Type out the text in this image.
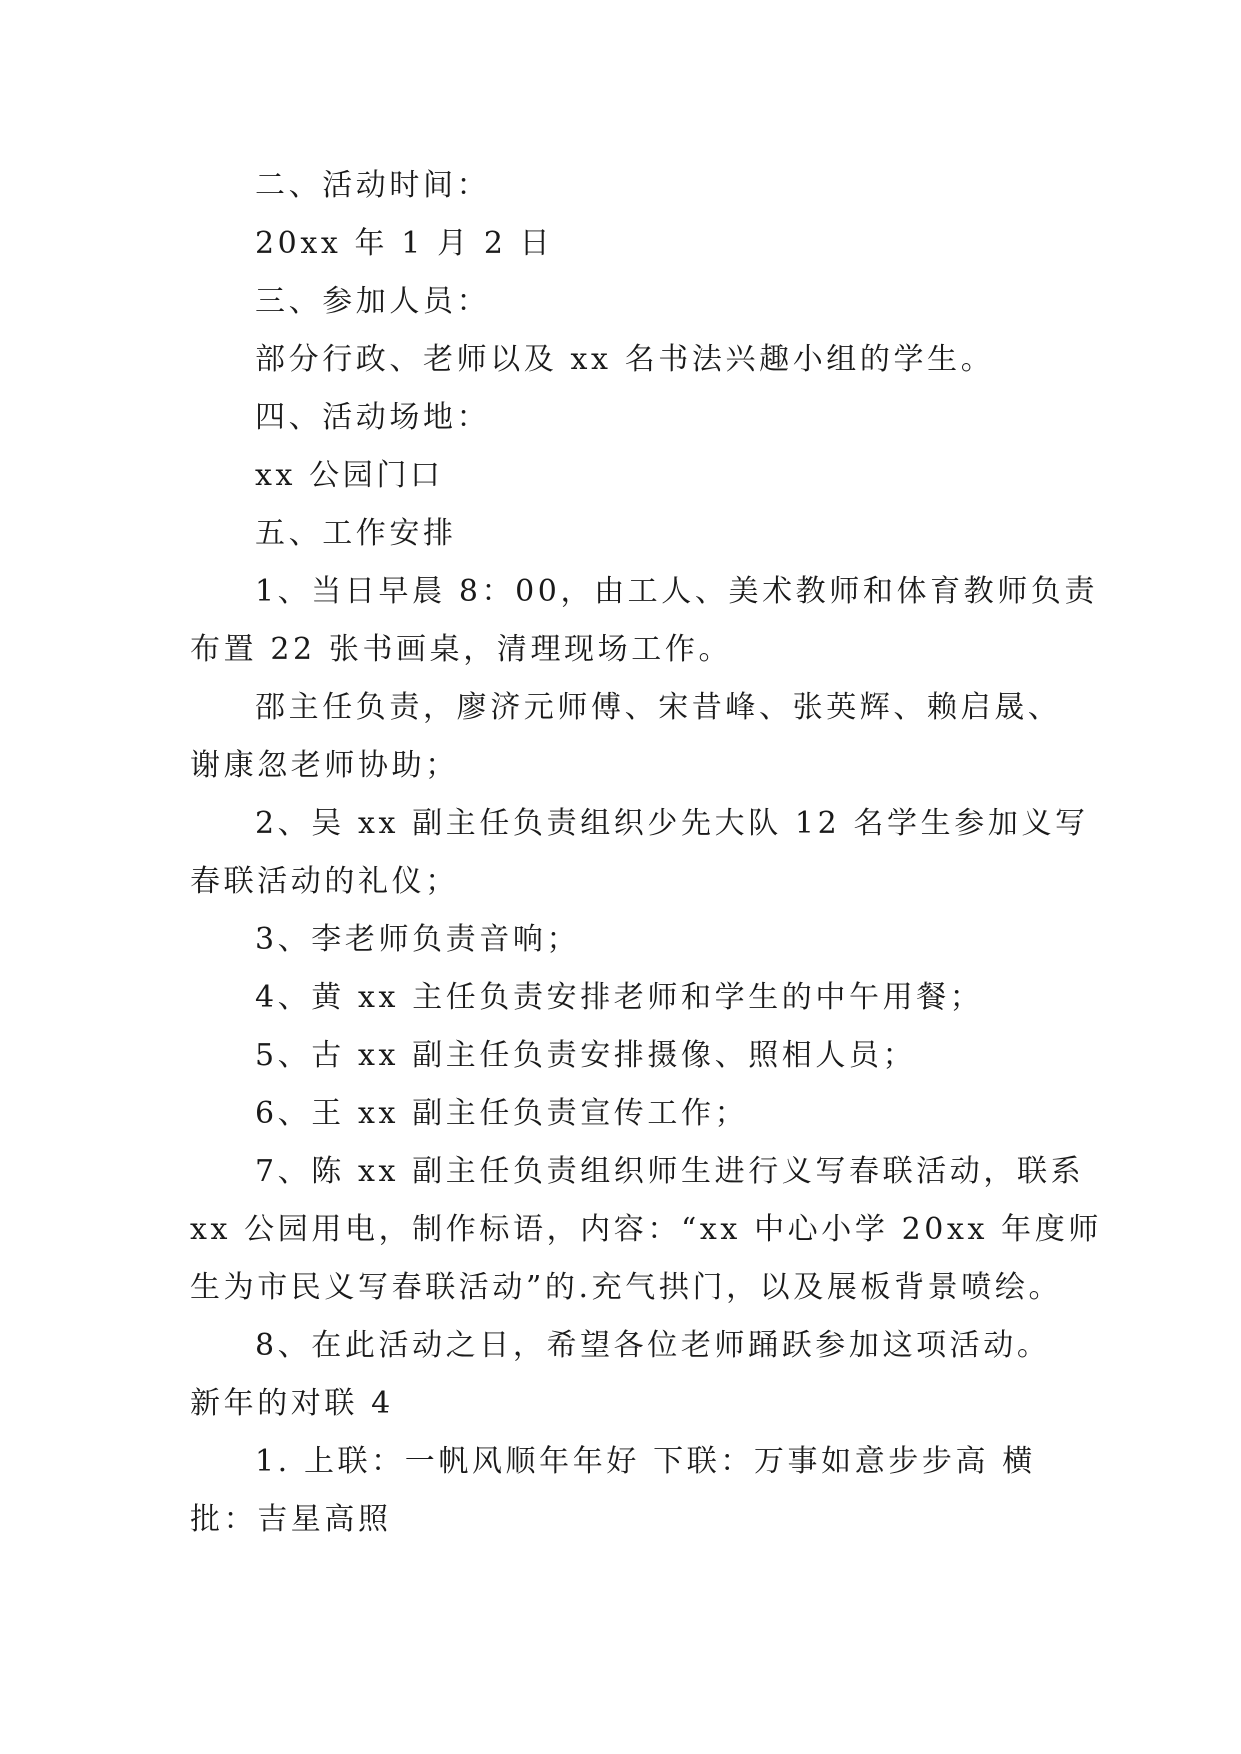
二、活动时间：

20xx 年 1 月 2 日

三、参加人员：

部分行政、老师以及 xx 名书法兴趣小组的学生。

四、活动场地：

xx 公园门口

五、工作安排

1、当日早晨 8：00，由工人、美术教师和体育教师负责

布置 22 张书画桌，清理现场工作。

邵主任负责，廖济元师傅、宋昔峰、张英辉、赖启晟、

谢康忽老师协助；

2、吴 xx 副主任负责组织少先大队 12 名学生参加义写

春联活动的礼仪；

3、李老师负责音响；

4、黄 xx 主任负责安排老师和学生的中午用餐；

5、古 xx 副主任负责安排摄像、照相人员；

6、王 xx 副主任负责宣传工作；

7、陈 xx 副主任负责组织师生进行义写春联活动，联系

xx 公园用电，制作标语，内容：“xx 中心小学 20xx 年度师

生为市民义写春联活动”的.充气拱门，以及展板背景喷绘。

8、在此活动之日，希望各位老师踊跃参加这项活动。

新年的对联 4

1. 上联：一帆风顺年年好 下联：万事如意步步高 横

批：吉星高照
